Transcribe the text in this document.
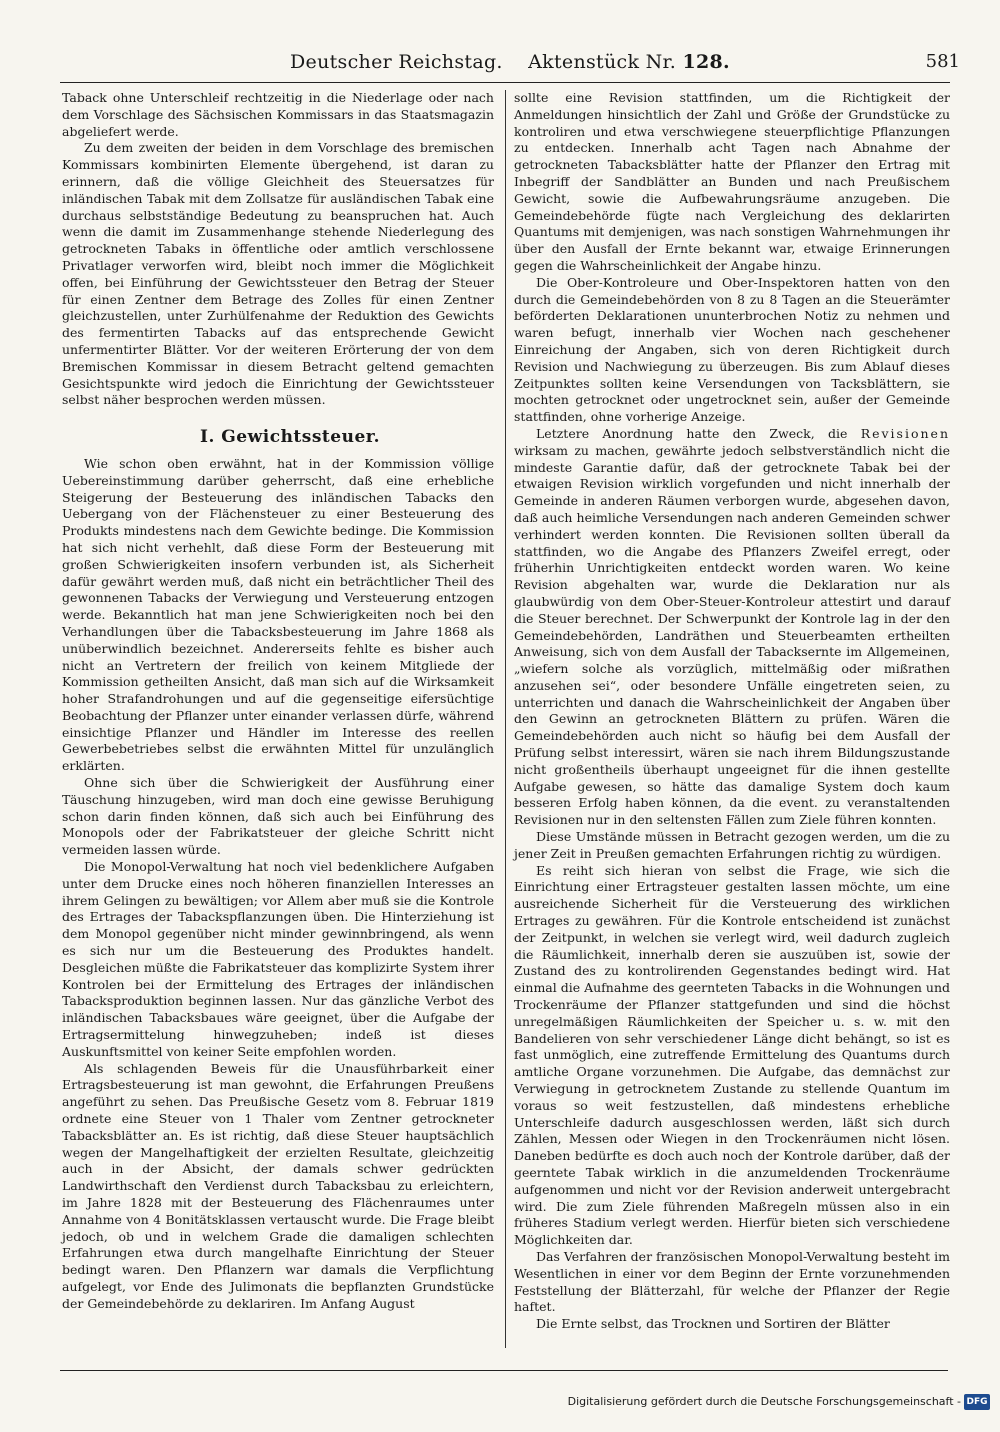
Deutscher Reichstag. Aktenstück Nr. 128.	581

Taback ohne Unterschleif rechtzeitig in die Niederlage oder nach dem Vorschlage des Sächsischen Kommissars in das Staatsmagazin abgeliefert werde.

Zu dem zweiten der beiden in dem Vorschlage des bremischen Kommissars kombinirten Elemente übergehend, ist daran zu erinnern, daß die völlige Gleichheit des Steuersatzes für inländischen Tabak mit dem Zollsatze für ausländischen Tabak eine durchaus selbstständige Bedeutung zu beanspruchen hat. Auch wenn die damit im Zusammenhange stehende Niederlegung des getrockneten Tabaks in öffentliche oder amtlich verschlossene Privatlager verworfen wird, bleibt noch immer die Möglichkeit offen, bei Einführung der Gewichtssteuer den Betrag der Steuer für einen Zentner dem Betrage des Zolles für einen Zentner gleichzustellen, unter Zurhülfenahme der Reduktion des Gewichts des fermentirten Tabacks auf das entsprechende Gewicht unfermentirter Blätter. Vor der weiteren Erörterung der von dem Bremischen Kommissar in diesem Betracht geltend gemachten Gesichtspunkte wird jedoch die Einrichtung der Gewichtssteuer selbst näher besprochen werden müssen.

I. Gewichtssteuer.

Wie schon oben erwähnt, hat in der Kommission völlige Uebereinstimmung darüber geherrscht, daß eine erhebliche Steigerung der Besteuerung des inländischen Tabacks den Uebergang von der Flächensteuer zu einer Besteuerung des Produkts mindestens nach dem Gewichte bedinge. Die Kommission hat sich nicht verhehlt, daß diese Form der Besteuerung mit großen Schwierigkeiten insofern verbunden ist, als Sicherheit dafür gewährt werden muß, daß nicht ein beträchtlicher Theil des gewonnenen Tabacks der Verwiegung und Versteuerung entzogen werde. Bekanntlich hat man jene Schwierigkeiten noch bei den Verhandlungen über die Tabacksbesteuerung im Jahre 1868 als unüberwindlich bezeichnet. Andererseits fehlte es bisher auch nicht an Vertretern der freilich von keinem Mitgliede der Kommission getheilten Ansicht, daß man sich auf die Wirksamkeit hoher Strafandrohungen und auf die gegenseitige eifersüchtige Beobachtung der Pflanzer unter einander verlassen dürfe, während einsichtige Pflanzer und Händler im Interesse des reellen Gewerbebetriebes selbst die erwähnten Mittel für unzulänglich erklärten.

Ohne sich über die Schwierigkeit der Ausführung einer Täuschung hinzugeben, wird man doch eine gewisse Beruhigung schon darin finden können, daß sich auch bei Einführung des Monopols oder der Fabrikatsteuer der gleiche Schritt nicht vermeiden lassen würde.

Die Monopol-Verwaltung hat noch viel bedenklichere Aufgaben unter dem Drucke eines noch höheren finanziellen Interesses an ihrem Gelingen zu bewältigen; vor Allem aber muß sie die Kontrole des Ertrages der Tabackspflanzungen üben. Die Hinterziehung ist dem Monopol gegenüber nicht minder gewinnbringend, als wenn es sich nur um die Besteuerung des Produktes handelt. Desgleichen müßte die Fabrikatsteuer das komplizirte System ihrer Kontrolen bei der Ermittelung des Ertrages der inländischen Tabacksproduktion beginnen lassen. Nur das gänzliche Verbot des inländischen Tabacksbaues wäre geeignet, über die Aufgabe der Ertragsermittelung hinwegzuheben; indeß ist dieses Auskunftsmittel von keiner Seite empfohlen worden.

Als schlagenden Beweis für die Unausführbarkeit einer Ertragsbesteuerung ist man gewohnt, die Erfahrungen Preußens angeführt zu sehen. Das Preußische Gesetz vom 8. Februar 1819 ordnete eine Steuer von 1 Thaler vom Zentner getrockneter Tabacksblätter an. Es ist richtig, daß diese Steuer hauptsächlich wegen der Mangelhaftigkeit der erzielten Resultate, gleichzeitig auch in der Absicht, der damals schwer gedrückten Landwirthschaft den Verdienst durch Tabacksbau zu erleichtern, im Jahre 1828 mit der Besteuerung des Flächenraumes unter Annahme von 4 Bonitätsklassen vertauscht wurde. Die Frage bleibt jedoch, ob und in welchem Grade die damaligen schlechten Erfahrungen etwa durch mangelhafte Einrichtung der Steuer bedingt waren. Den Pflanzern war damals die Verpflichtung aufgelegt, vor Ende des Julimonats die bepflanzten Grundstücke der Gemeindebehörde zu deklariren. Im Anfang August

sollte eine Revision stattfinden, um die Richtigkeit der Anmeldungen hinsichtlich der Zahl und Größe der Grundstücke zu kontroliren und etwa verschwiegene steuerpflichtige Pflanzungen zu entdecken. Innerhalb acht Tagen nach Abnahme der getrockneten Tabacksblätter hatte der Pflanzer den Ertrag mit Inbegriff der Sandblätter an Bunden und nach Preußischem Gewicht, sowie die Aufbewahrungsräume anzugeben. Die Gemeindebehörde fügte nach Vergleichung des deklarirten Quantums mit demjenigen, was nach sonstigen Wahrnehmungen ihr über den Ausfall der Ernte bekannt war, etwaige Erinnerungen gegen die Wahrscheinlichkeit der Angabe hinzu.

Die Ober-Kontroleure und Ober-Inspektoren hatten von den durch die Gemeindebehörden von 8 zu 8 Tagen an die Steuerämter beförderten Deklarationen ununterbrochen Notiz zu nehmen und waren befugt, innerhalb vier Wochen nach geschehener Einreichung der Angaben, sich von deren Richtigkeit durch Revision und Nachwiegung zu überzeugen. Bis zum Ablauf dieses Zeitpunktes sollten keine Versendungen von Tacksblättern, sie mochten getrocknet oder ungetrocknet sein, außer der Gemeinde stattfinden, ohne vorherige Anzeige.

Letztere Anordnung hatte den Zweck, die Revisionen wirksam zu machen, gewährte jedoch selbstverständlich nicht die mindeste Garantie dafür, daß der getrocknete Tabak bei der etwaigen Revision wirklich vorgefunden und nicht innerhalb der Gemeinde in anderen Räumen verborgen wurde, abgesehen davon, daß auch heimliche Versendungen nach anderen Gemeinden schwer verhindert werden konnten. Die Revisionen sollten überall da stattfinden, wo die Angabe des Pflanzers Zweifel erregt, oder früherhin Unrichtigkeiten entdeckt worden waren. Wo keine Revision abgehalten war, wurde die Deklaration nur als glaubwürdig von dem Ober-Steuer-Kontroleur attestirt und darauf die Steuer berechnet. Der Schwerpunkt der Kontrole lag in der den Gemeindebehörden, Landräthen und Steuerbeamten ertheilten Anweisung, sich von dem Ausfall der Tabacksernte im Allgemeinen, „wiefern solche als vorzüglich, mittelmäßig oder mißrathen anzusehen sei“, oder besondere Unfälle eingetreten seien, zu unterrichten und danach die Wahrscheinlichkeit der Angaben über den Gewinn an getrockneten Blättern zu prüfen. Wären die Gemeindebehörden auch nicht so häufig bei dem Ausfall der Prüfung selbst interessirt, wären sie nach ihrem Bildungszustande nicht großentheils überhaupt ungeeignet für die ihnen gestellte Aufgabe gewesen, so hätte das damalige System doch kaum besseren Erfolg haben können, da die event. zu veranstaltenden Revisionen nur in den seltensten Fällen zum Ziele führen konnten.

Diese Umstände müssen in Betracht gezogen werden, um die zu jener Zeit in Preußen gemachten Erfahrungen richtig zu würdigen.

Es reiht sich hieran von selbst die Frage, wie sich die Einrichtung einer Ertragsteuer gestalten lassen möchte, um eine ausreichende Sicherheit für die Versteuerung des wirklichen Ertrages zu gewähren. Für die Kontrole entscheidend ist zunächst der Zeitpunkt, in welchen sie verlegt wird, weil dadurch zugleich die Räumlichkeit, innerhalb deren sie auszuüben ist, sowie der Zustand des zu kontrolirenden Gegenstandes bedingt wird. Hat einmal die Aufnahme des geernteten Tabacks in die Wohnungen und Trockenräume der Pflanzer stattgefunden und sind die höchst unregelmäßigen Räumlichkeiten der Speicher u. s. w. mit den Bandelieren von sehr verschiedener Länge dicht behängt, so ist es fast unmöglich, eine zutreffende Ermittelung des Quantums durch amtliche Organe vorzunehmen. Die Aufgabe, das demnächst zur Verwiegung in getrocknetem Zustande zu stellende Quantum im voraus so weit festzustellen, daß mindestens erhebliche Unterschleife dadurch ausgeschlossen werden, läßt sich durch Zählen, Messen oder Wiegen in den Trockenräumen nicht lösen. Daneben bedürfte es doch auch noch der Kontrole darüber, daß der geerntete Tabak wirklich in die anzumeldenden Trockenräume aufgenommen und nicht vor der Revision anderweit untergebracht wird. Die zum Ziele führenden Maßregeln müssen also in ein früheres Stadium verlegt werden. Hierfür bieten sich verschiedene Möglichkeiten dar.

Das Verfahren der französischen Monopol-Verwaltung besteht im Wesentlichen in einer vor dem Beginn der Ernte vorzunehmenden Feststellung der Blätterzahl, für welche der Pflanzer der Regie haftet.

Die Ernte selbst, das Trocknen und Sortiren der Blätter

Digitalisierung gefördert durch die Deutsche Forschungsgemeinschaft - DFG
